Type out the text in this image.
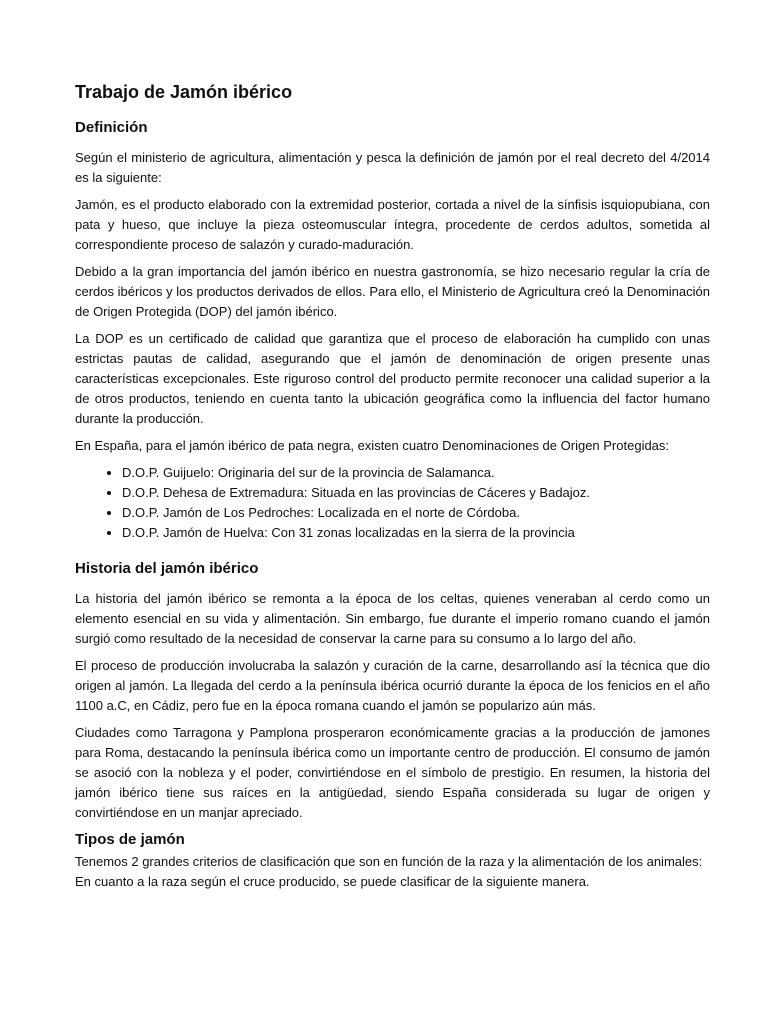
Trabajo de Jamón ibérico
Definición

Según el ministerio de agricultura, alimentación y pesca la definición de jamón por el real decreto del 4/2014 es la siguiente:

Jamón, es el producto elaborado con la extremidad posterior, cortada a nivel de la sínfisis isquiopubiana, con pata y hueso, que incluye la pieza osteomuscular íntegra, procedente de cerdos adultos, sometida al correspondiente proceso de salazón y curado-maduración.

Debido a la gran importancia del jamón ibérico en nuestra gastronomía, se hizo necesario regular la cría de cerdos ibéricos y los productos derivados de ellos. Para ello, el Ministerio de Agricultura creó la Denominación de Origen Protegida (DOP) del jamón ibérico.

La DOP es un certificado de calidad que garantiza que el proceso de elaboración ha cumplido con unas estrictas pautas de calidad, asegurando que el jamón de denominación de origen presente unas características excepcionales. Este riguroso control del producto permite reconocer una calidad superior a la de otros productos, teniendo en cuenta tanto la ubicación geográfica como la influencia del factor humano durante la producción.

En España, para el jamón ibérico de pata negra, existen cuatro Denominaciones de Origen Protegidas:

• D.O.P. Guijuelo: Originaria del sur de la provincia de Salamanca.
• D.O.P. Dehesa de Extremadura: Situada en las provincias de Cáceres y Badajoz.
• D.O.P. Jamón de Los Pedroches: Localizada en el norte de Córdoba.
• D.O.P. Jamón de Huelva: Con 31 zonas localizadas en la sierra de la provincia
Historia del jamón ibérico

La historia del jamón ibérico se remonta a la época de los celtas, quienes veneraban al cerdo como un elemento esencial en su vida y alimentación. Sin embargo, fue durante el imperio romano cuando el jamón surgió como resultado de la necesidad de conservar la carne para su consumo a lo largo del año.

El proceso de producción involucraba la salazón y curación de la carne, desarrollando así la técnica que dio origen al jamón. La llegada del cerdo a la península ibérica ocurrió durante la época de los fenicios en el año 1100 a.C, en Cádiz, pero fue en la época romana cuando el jamón se popularizo aún más.

Ciudades como Tarragona y Pamplona prosperaron económicamente gracias a la producción de jamones para Roma, destacando la península ibérica como un importante centro de producción. El consumo de jamón se asoció con la nobleza y el poder, convirtiéndose en el símbolo de prestigio. En resumen, la historia del jamón ibérico tiene sus raíces en la antigüedad, siendo España considerada su lugar de origen y convirtiéndose en un manjar apreciado.

Tipos de jamón

Tenemos 2 grandes criterios de clasificación que son en función de la raza y la alimentación de los animales:

En cuanto a la raza según el cruce producido, se puede clasificar de la siguiente manera.
